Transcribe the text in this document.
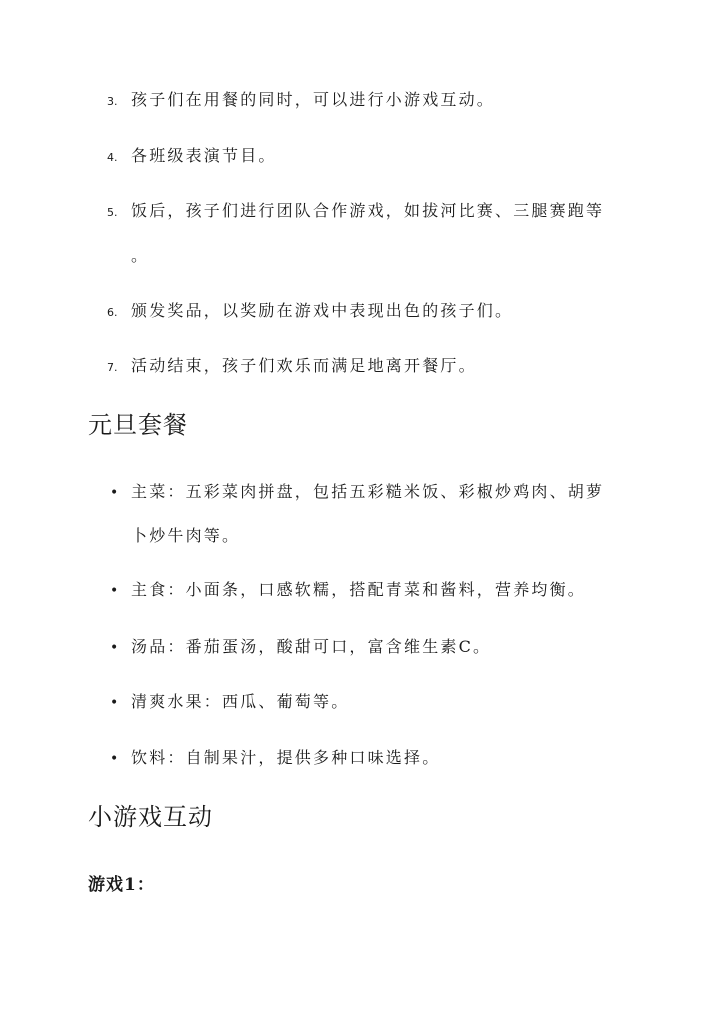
3. 孩子们在用餐的同时，可以进行小游戏互动。
4. 各班级表演节目。
5. 饭后，孩子们进行团队合作游戏，如拔河比赛、三腿赛跑等
。
6. 颁发奖品，以奖励在游戏中表现出色的孩子们。
7. 活动结束，孩子们欢乐而满足地离开餐厅。
元旦套餐
• 主菜：五彩菜肉拼盘，包括五彩糙米饭、彩椒炒鸡肉、胡萝
卜炒牛肉等。
• 主食：小面条，口感软糯，搭配青菜和酱料，营养均衡。
• 汤品：番茄蛋汤，酸甜可口，富含维生素C。
• 清爽水果：西瓜、葡萄等。
• 饮料：自制果汁，提供多种口味选择。
小游戏互动
游戏1：
